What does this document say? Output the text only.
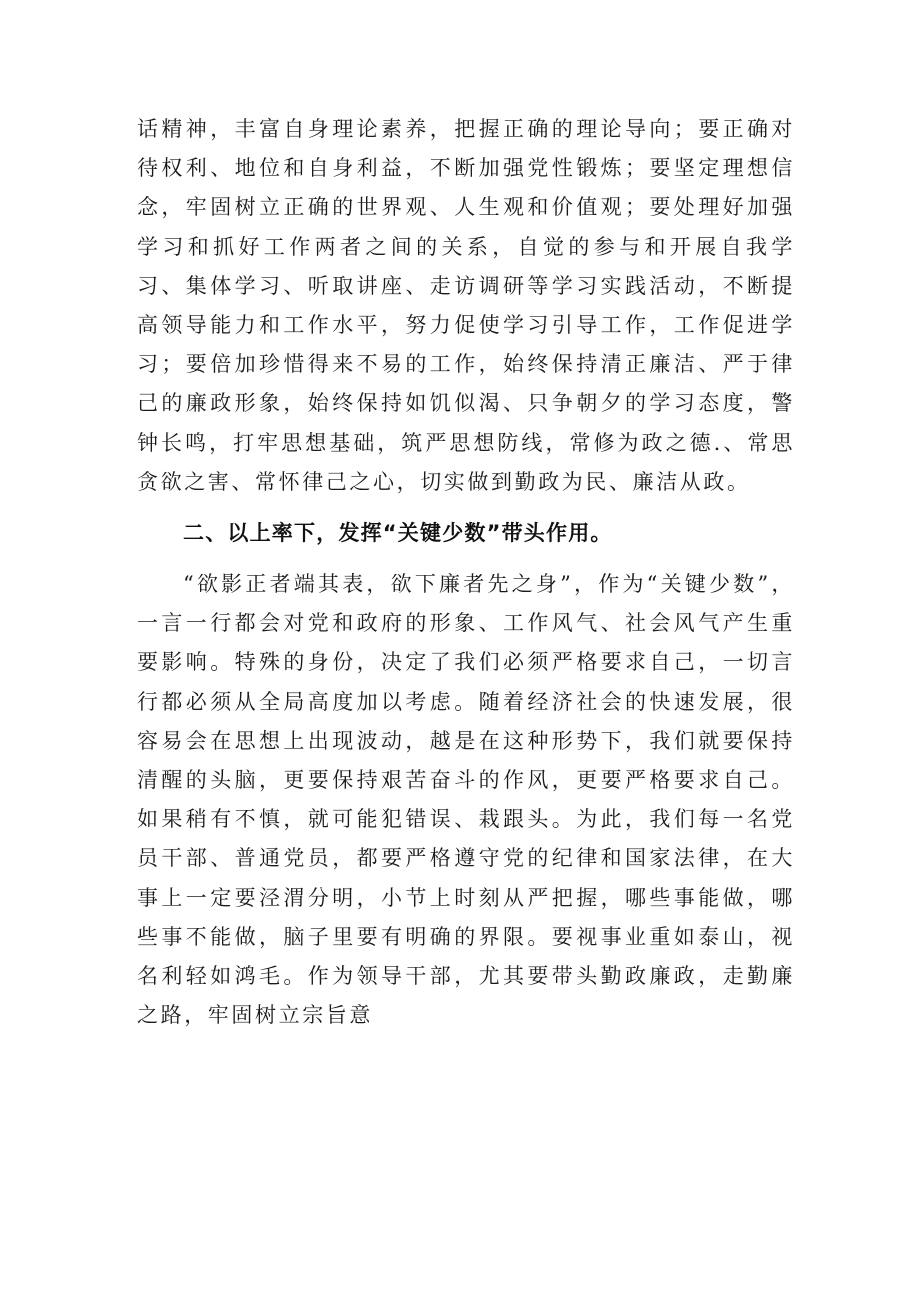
话精神，丰富自身理论素养，把握正确的理论导向；要正确对待权利、地位和自身利益，不断加强党性锻炼；要坚定理想信念，牢固树立正确的世界观、人生观和价值观；要处理好加强学习和抓好工作两者之间的关系，自觉的参与和开展自我学习、集体学习、听取讲座、走访调研等学习实践活动，不断提高领导能力和工作水平，努力促使学习引导工作，工作促进学习；要倍加珍惜得来不易的工作，始终保持清正廉洁、严于律己的廉政形象，始终保持如饥似渴、只争朝夕的学习态度，警钟长鸣，打牢思想基础，筑严思想防线，常修为政之德.、常思贪欲之害、常怀律己之心，切实做到勤政为民、廉洁从政。

二、以上率下，发挥“关键少数”带头作用。

“欲影正者端其表，欲下廉者先之身”，作为“关键少数”，一言一行都会对党和政府的形象、工作风气、社会风气产生重要影响。特殊的身份，决定了我们必须严格要求自己，一切言行都必须从全局高度加以考虑。随着经济社会的快速发展，很容易会在思想上出现波动，越是在这种形势下，我们就要保持清醒的头脑，更要保持艰苦奋斗的作风，更要严格要求自己。如果稍有不慎，就可能犯错误、栽跟头。为此，我们每一名党员干部、普通党员，都要严格遵守党的纪律和国家法律，在大事上一定要泾渭分明，小节上时刻从严把握，哪些事能做，哪些事不能做，脑子里要有明确的界限。要视事业重如泰山，视名利轻如鸿毛。作为领导干部，尤其要带头勤政廉政，走勤廉之路，牢固树立宗旨意
